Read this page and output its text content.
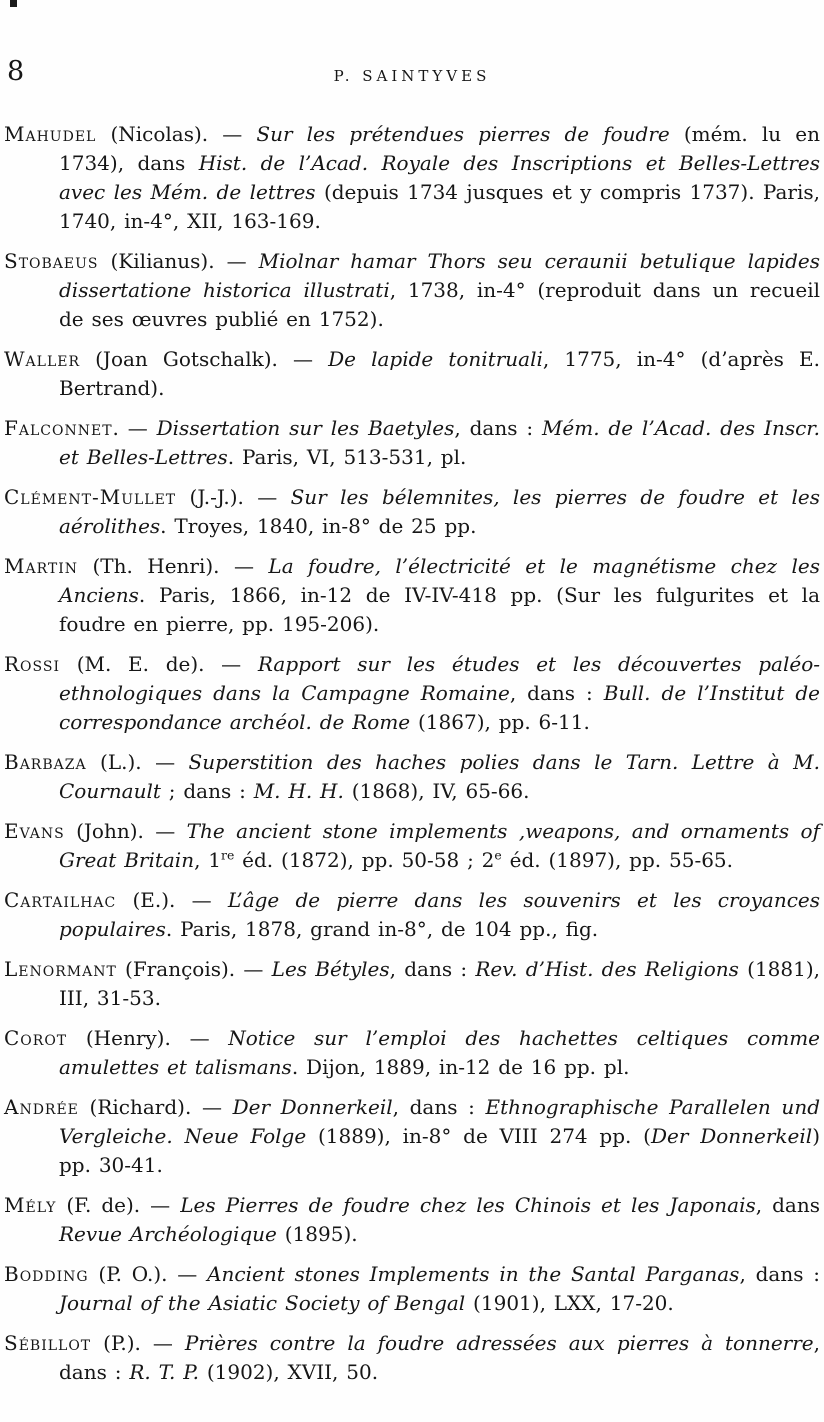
8	P. SAINTYVES

Mahudel (Nicolas). — Sur les prétendues pierres de foudre (mém. lu en 1734), dans Hist. de l’Acad. Royale des Inscriptions et Belles-Lettres avec les Mém. de lettres (depuis 1734 jusques et y compris 1737). Paris, 1740, in-4°, XII, 163-169.

Stobaeus (Kilianus). — Miolnar hamar Thors seu ceraunii betulique lapides dissertatione historica illustrati, 1738, in-4° (reproduit dans un recueil de ses œuvres publié en 1752).

Waller (Joan Gotschalk). — De lapide tonitruali, 1775, in-4° (d’après E. Bertrand).

Falconnet. — Dissertation sur les Baetyles, dans : Mém. de l’Acad. des Inscr. et Belles-Lettres. Paris, VI, 513-531, pl.

Clément-Mullet (J.-J.). — Sur les bélemnites, les pierres de foudre et les aérolithes. Troyes, 1840, in-8° de 25 pp.

Martin (Th. Henri). — La foudre, l’électricité et le magnétisme chez les Anciens. Paris, 1866, in-12 de IV-IV-418 pp. (Sur les fulgurites et la foudre en pierre, pp. 195-206).

Rossi (M. E. de). — Rapport sur les études et les découvertes paléo-ethnologiques dans la Campagne Romaine, dans : Bull. de l’Institut de correspondance archéol. de Rome (1867), pp. 6-11.

Barbaza (L.). — Superstition des haches polies dans le Tarn. Lettre à M. Cournault ; dans : M. H. H. (1868), IV, 65-66.

Evans (John). — The ancient stone implements ,weapons, and ornaments of Great Britain, 1re éd. (1872), pp. 50-58 ; 2e éd. (1897), pp. 55-65.

Cartailhac (E.). — L’âge de pierre dans les souvenirs et les croyances populaires. Paris, 1878, grand in-8°, de 104 pp., fig.

Lenormant (François). — Les Bétyles, dans : Rev. d’Hist. des Religions (1881), III, 31-53.

Corot (Henry). — Notice sur l’emploi des hachettes celtiques comme amulettes et talismans. Dijon, 1889, in-12 de 16 pp. pl.

Andrée (Richard). — Der Donnerkeil, dans : Ethnographische Parallelen und Vergleiche. Neue Folge (1889), in-8° de VIII 274 pp. (Der Donnerkeil) pp. 30-41.

Mély (F. de). — Les Pierres de foudre chez les Chinois et les Japonais, dans Revue Archéologique (1895).

Bodding (P. O.). — Ancient stones Implements in the Santal Parganas, dans : Journal of the Asiatic Society of Bengal (1901), LXX, 17-20.

Sébillot (P.). — Prières contre la foudre adressées aux pierres à tonnerre, dans : R. T. P. (1902), XVII, 50.
